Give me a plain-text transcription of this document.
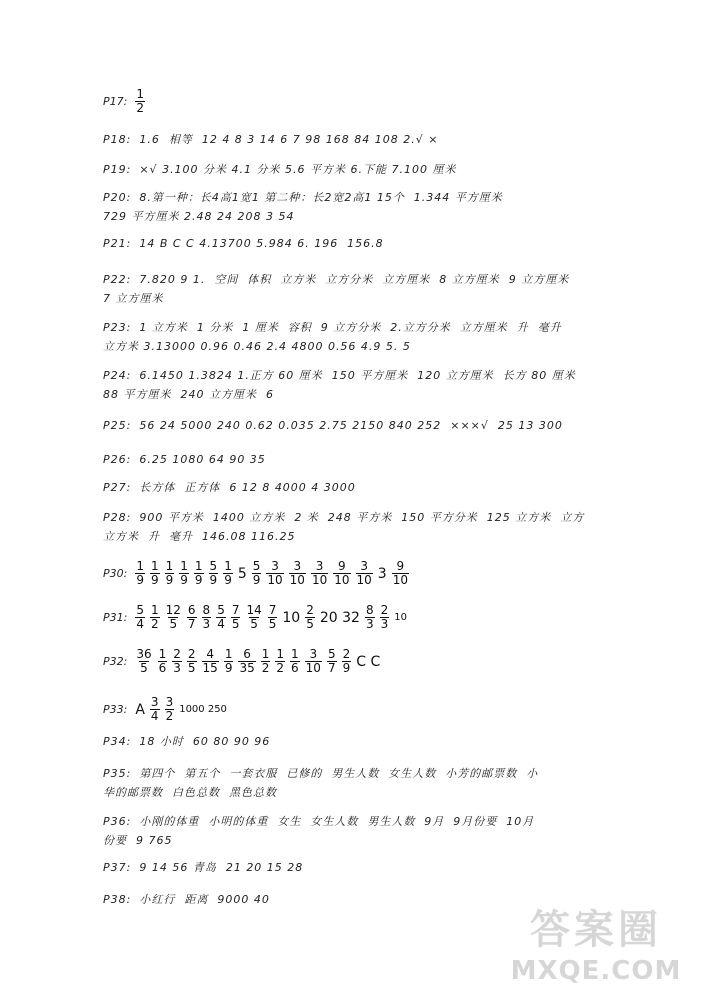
P17: $\frac{1}{2}$
P18: 1.6  相等  12 4 8 3 14 6 7 98 168 84 108 2.√ ×
P19: ×√ 3.100 分米 4.1 分米 5.6 平方米 6.下能 7.100 厘米
P20: 8.第一种：长4高1宽1 第二种：长2宽2高1 15个  1.344 平方厘米
729 平方厘米 2.48 24 208 3 54
P21: 14 B C C 4.13700 5.984 6. 196  156.8
P22: 7.820 9 1.  空间  体积  立方米  立方分米  立方厘米  8 立方厘米  9 立方厘米
7 立方厘米
P23: 1 立方米  1 分米  1 厘米  容积  9 立方分米  2.立方分米  立方厘米  升  毫升
立方米 3.13000 0.96 0.46 2.4 4800 0.56 4.9 5. 5
P24: 6.1450 1.3824 1.正方 60 厘米  150 平方厘米  120 立方厘米  长方 80 厘米
88 平方厘米  240 立方厘米  6
P25: 56 24 5000 240 0.62 0.035 2.75 2150 840 252  ×××√  25 13 300
P26: 6.25 1080 64 90 35
P27: 长方体  正方体  6 12 8 4000 4 3000
P28: 900 平方米  1400 立方米  2 米  248 平方米  150 平方分米  125 立方米  立方
立方米  升  毫升  146.08 116.25
P30: $\frac{1}{9} \frac{1}{9} \frac{1}{9} \frac{1}{9} \frac{1}{9} \frac{5}{9} \frac{1}{9} 5 \frac{5}{9} \frac{3}{10} \frac{3}{10} \frac{3}{10} \frac{9}{10} \frac{3}{10} 3 \frac{9}{10}$
P31: $\frac{5}{4} \frac{1}{2} \frac{12}{5} \frac{6}{7} \frac{8}{3} \frac{5}{4} \frac{7}{5} \frac{14}{5} \frac{7}{5} 10 \frac{2}{5} 20$ $32 \frac{8}{3} \frac{2}{3} 10$
P32: $\frac{36}{5} \frac{1}{6} \frac{2}{3} \frac{2}{5} \frac{4}{15} \frac{1}{9} \frac{6}{35} \frac{1}{2} \frac{1}{2} \frac{1}{6} \frac{3}{10} \frac{5}{7} \frac{2}{9}$ C C
P33: A $\frac{3}{4} \frac{3}{2} 1000$ 250
P34: 18 小时  60 80 90 96
P35: 第四个  第五个  一套衣服  已修的  男生人数  女生人数  小芳的邮票数  小
华的邮票数  白色总数  黑色总数
P36: 小刚的体重  小明的体重  女生  女生人数  男生人数  9月  9月份要  10月
份要  9 765
P37: 9 14 56 青岛  21 20 15 28
P38: 小红行  距离  9000 40
答案圈
MXQE.COM
